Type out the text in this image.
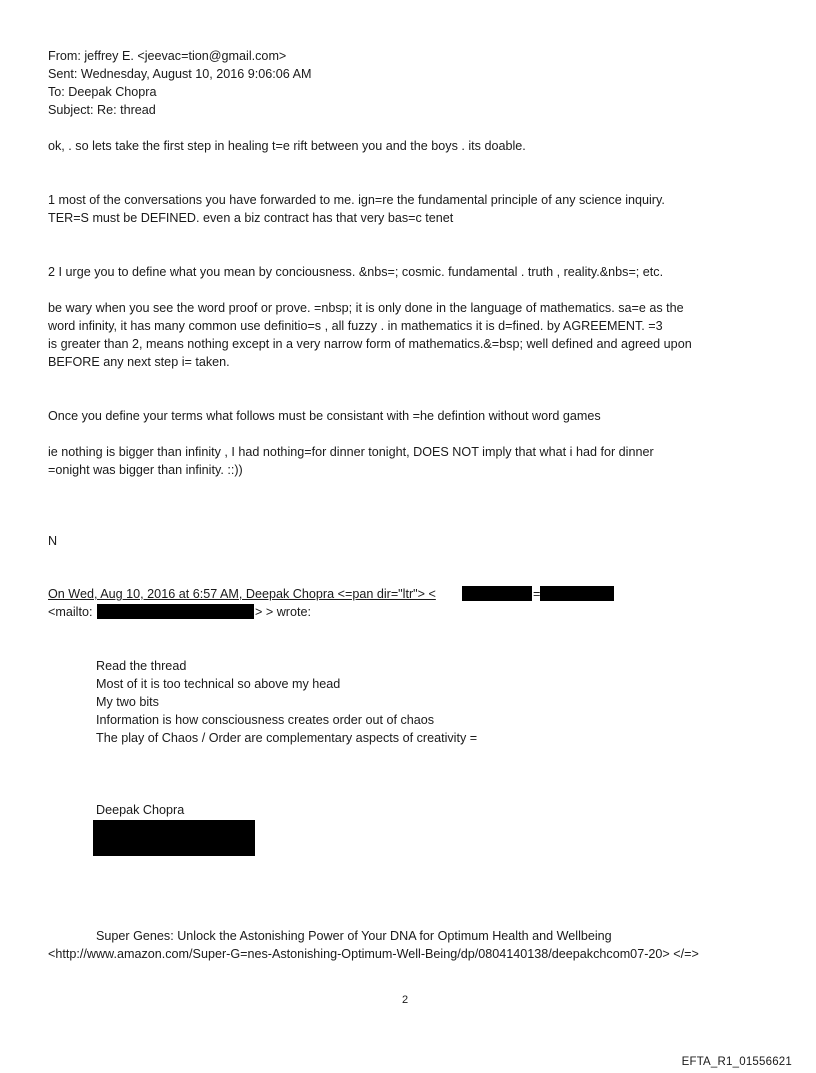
From: jeffrey E. <jeevac=tion@gmail.com>
Sent: Wednesday, August 10, 2016 9:06:06 AM
To: Deepak Chopra
Subject: Re: thread
ok, . so lets take the first step in healing t=e rift between you and the boys . its doable.
1 most of the conversations you have forwarded to me. ign=re the fundamental principle of any science inquiry.
TER=S must be DEFINED. even a biz contract has that very bas=c tenet
2 I urge you to define what you mean by conciousness. &nbs=; cosmic. fundamental . truth , reality.&nbs=; etc.
be wary when you see the word proof or prove. =nbsp; it is only done in the language of mathematics. sa=e as the
word infinity, it has many common use definitio=s , all fuzzy . in mathematics it is d=fined. by AGREEMENT. =3
is greater than 2, means nothing except in a very narrow form of mathematics.&=bsp; well defined and agreed upon
BEFORE any next step i= taken.
Once you define your terms what follows must be consistant with =he defintion without word games
ie nothing is bigger than infinity , I had nothing=for dinner tonight, DOES NOT imply that what i had for dinner
=onight was bigger than infinity. ::))
N
On Wed, Aug 10, 2016 at 6:57 AM, Deepak Chopra <=pan dir="ltr"> <	=
<mailto:	> > wrote:
Read the thread
Most of it is too technical so above my head
My two bits
Information is how consciousness creates order out of chaos
The play of Chaos / Order are complementary aspects of creativity =
Deepak Chopra
Super Genes: Unlock the Astonishing Power of Your DNA for Optimum Health and Wellbeing
<http://www.amazon.com/Super-G=nes-Astonishing-Optimum-Well-Being/dp/0804140138/deepakchcom07-20> </=>
2
EFTA_R1_01556621
